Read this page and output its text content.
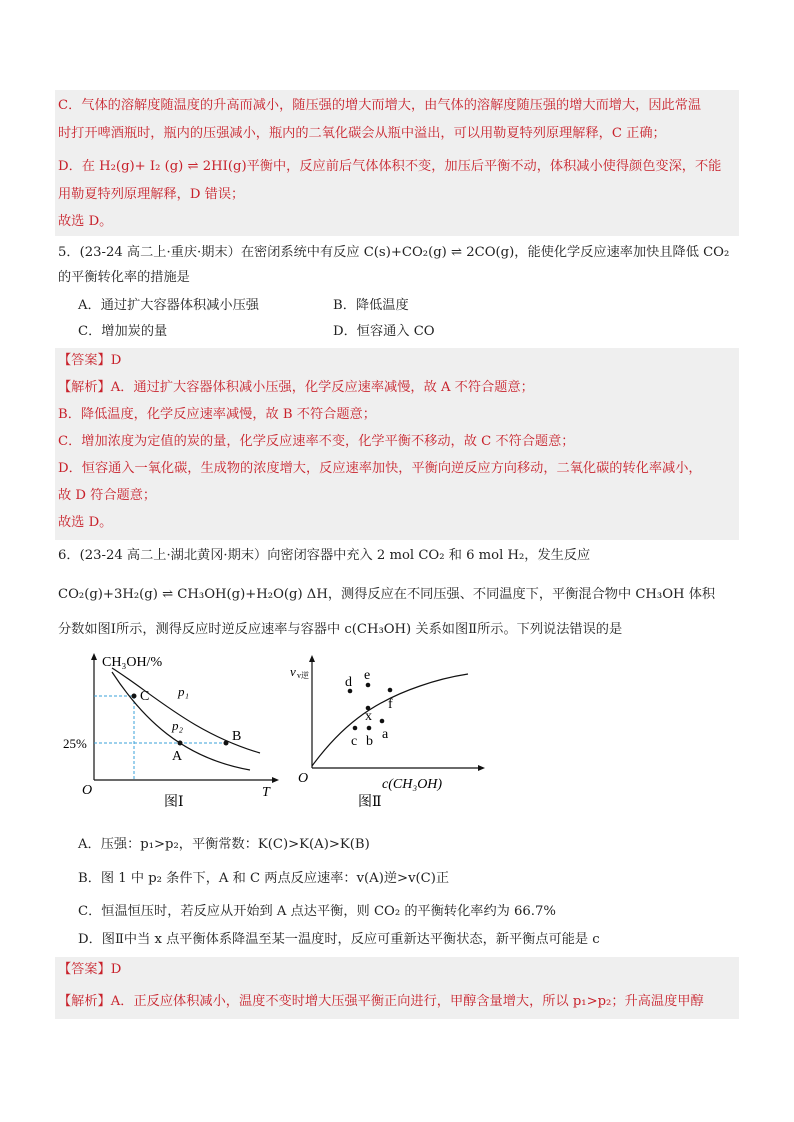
C．气体的溶解度随温度的升高而减小，随压强的增大而增大，由气体的溶解度随压强的增大而增大，因此常温
时打开啤酒瓶时，瓶内的压强减小，瓶内的二氧化碳会从瓶中溢出，可以用勒夏特列原理解释，C 正确；
D．在 H₂(g)+ I₂ (g) ⇌ 2HI(g)平衡中，反应前后气体体积不变，加压后平衡不动，体积减小使得颜色变深，不能
用勒夏特列原理解释，D 错误；
故选 D。
5．(23-24 高二上·重庆·期末）在密闭系统中有反应 C(s)+CO₂(g) ⇌ 2CO(g)，能使化学反应速率加快且降低 CO₂
的平衡转化率的措施是
A．通过扩大容器体积减小压强	B．降低温度
C．增加炭的量	D．恒容通入 CO
【答案】D
【解析】A．通过扩大容器体积减小压强，化学反应速率减慢，故 A 不符合题意；
B．降低温度，化学反应速率减慢，故 B 不符合题意；
C．增加浓度为定值的炭的量，化学反应速率不变，化学平衡不移动，故 C 不符合题意；
D．恒容通入一氧化碳，生成物的浓度增大，反应速率加快，平衡向逆反应方向移动，二氧化碳的转化率减小，
故 D 符合题意；
故选 D。
6．(23-24 高二上·湖北黄冈·期末）向密闭容器中充入 2 mol CO₂ 和 6 mol H₂，发生反应
CO₂(g)+3H₂(g) ⇌ CH₃OH(g)+H₂O(g) ΔH，测得反应在不同压强、不同温度下，平衡混合物中 CH₃OH 体积
分数如图Ⅰ所示，测得反应时逆反应速率与容器中 c(CH₃OH) 关系如图Ⅱ所示。下列说法错误的是
CH₃OH/%
25%
O	T
C p₁
p₂
A
B
图Ⅰ
v v逆	d e
f
x
a
b
c
O	c(CH₃OH)
图Ⅱ
A．压强：p₁>p₂，平衡常数：K(C)>K(A)>K(B)
B．图 1 中 p₂ 条件下，A 和 C 两点反应速率：v(A)逆>v(C)正
C．恒温恒压时，若反应从开始到 A 点达平衡，则 CO₂ 的平衡转化率约为 66.7%
D．图Ⅱ中当 x 点平衡体系降温至某一温度时，反应可重新达平衡状态，新平衡点可能是 c
【答案】D
【解析】A．正反应体积减小，温度不变时增大压强平衡正向进行，甲醇含量增大，所以 p₁>p₂；升高温度甲醇
